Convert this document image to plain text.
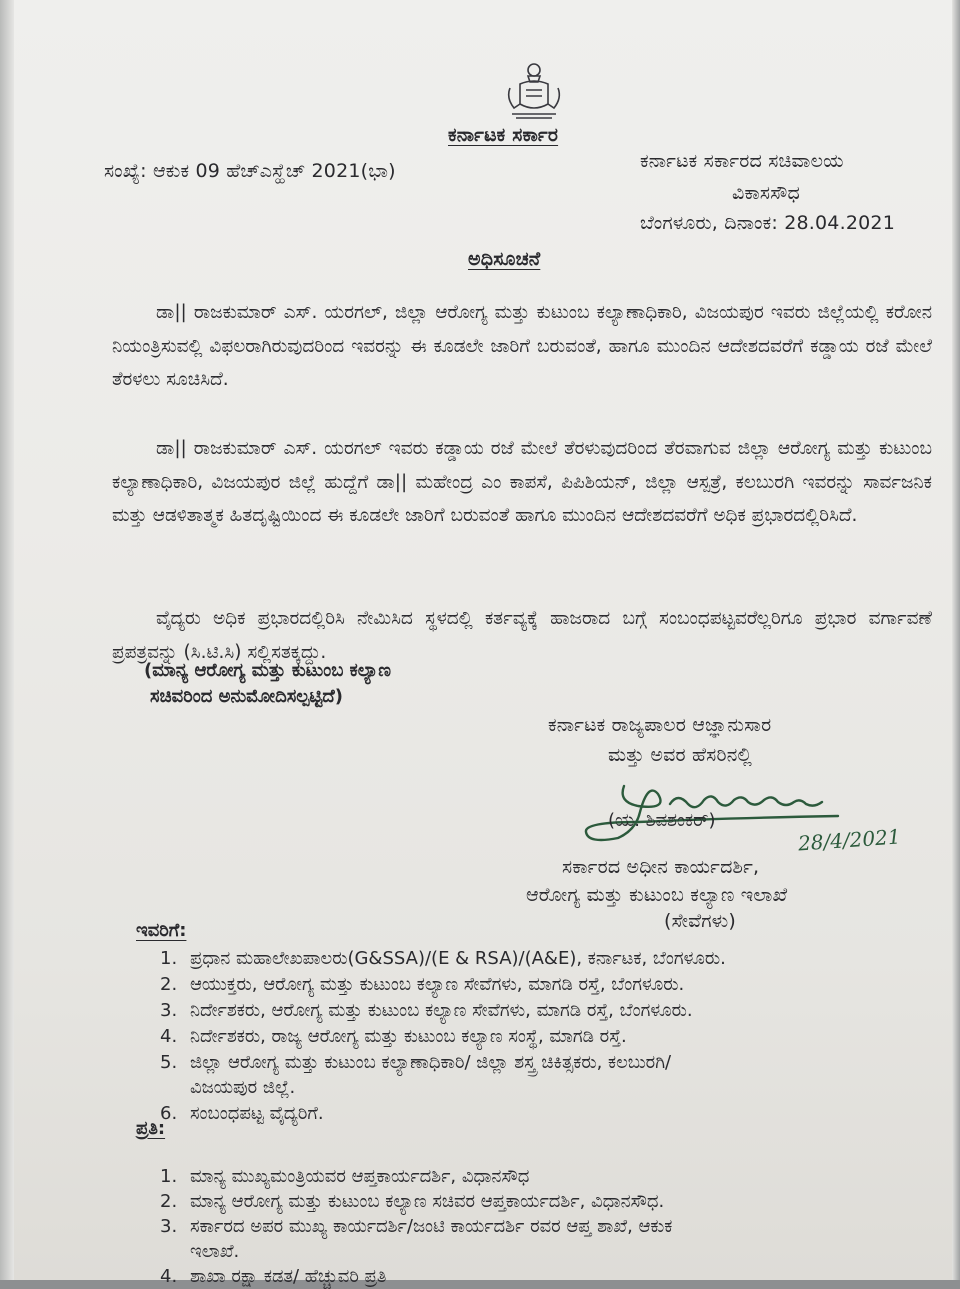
ಕರ್ನಾಟಕ ಸರ್ಕಾರ
ಸಂಖ್ಯೆ: ಆಕುಕ 09 ಹೆಚ್ಎಸ್ಹೆಚ್ 2021(ಭಾ)	ಕರ್ನಾಟಕ ಸರ್ಕಾರದ ಸಚಿವಾಲಯ
ವಿಕಾಸಸೌಧ
ಬೆಂಗಳೂರು, ದಿನಾಂಕ: 28.04.2021
ಅಧಿಸೂಚನೆ
ಡಾ|| ರಾಜಕುಮಾರ್ ಎಸ್. ಯರಗಲ್, ಜಿಲ್ಲಾ ಆರೋಗ್ಯ ಮತ್ತು ಕುಟುಂಬ ಕಲ್ಯಾಣಾಧಿಕಾರಿ, ವಿಜಯಪುರ ಇವರು ಜಿಲ್ಲೆಯಲ್ಲಿ ಕರೋನ ನಿಯಂತ್ರಿಸುವಲ್ಲಿ ವಿಫಲರಾಗಿರುವುದರಿಂದ ಇವರನ್ನು ಈ ಕೂಡಲೇ ಜಾರಿಗೆ ಬರುವಂತೆ, ಹಾಗೂ ಮುಂದಿನ ಆದೇಶದವರೆಗೆ ಕಡ್ಡಾಯ ರಜೆ ಮೇಲೆ ತೆರಳಲು ಸೂಚಿಸಿದೆ.
ಡಾ|| ರಾಜಕುಮಾರ್ ಎಸ್. ಯರಗಲ್ ಇವರು ಕಡ್ಡಾಯ ರಜೆ ಮೇಲೆ ತೆರಳುವುದರಿಂದ ತೆರವಾಗುವ ಜಿಲ್ಲಾ ಆರೋಗ್ಯ ಮತ್ತು ಕುಟುಂಬ ಕಲ್ಯಾಣಾಧಿಕಾರಿ, ವಿಜಯಪುರ ಜಿಲ್ಲೆ ಹುದ್ದೆಗೆ ಡಾ|| ಮಹೇಂದ್ರ ಎಂ ಕಾಪಸೆ, ಪಿಪಿಶಿಯನ್, ಜಿಲ್ಲಾ ಆಸ್ಪತ್ರೆ, ಕಲಬುರಗಿ ಇವರನ್ನು ಸಾರ್ವಜನಿಕ ಮತ್ತು ಆಡಳಿತಾತ್ಮಕ ಹಿತದೃಷ್ಟಿಯಿಂದ ಈ ಕೂಡಲೇ ಜಾರಿಗೆ ಬರುವಂತೆ ಹಾಗೂ ಮುಂದಿನ ಆದೇಶದವರೆಗೆ ಅಧಿಕ ಪ್ರಭಾರದಲ್ಲಿರಿಸಿದೆ.
ವೈದ್ಯರು ಅಧಿಕ ಪ್ರಭಾರದಲ್ಲಿರಿಸಿ ನೇಮಿಸಿದ ಸ್ಥಳದಲ್ಲಿ ಕರ್ತವ್ಯಕ್ಕೆ ಹಾಜರಾದ ಬಗ್ಗೆ ಸಂಬಂಧಪಟ್ಟವರೆಲ್ಲರಿಗೂ ಪ್ರಭಾರ ವರ್ಗಾವಣೆ ಪ್ರಪತ್ರವನ್ನು (ಸಿ.ಟಿ.ಸಿ) ಸಲ್ಲಿಸತಕ್ಕದ್ದು.
(ಮಾನ್ಯ ಆರೋಗ್ಯ ಮತ್ತು ಕುಟುಂಬ ಕಲ್ಯಾಣ
ಸಚಿವರಿಂದ ಅನುಮೋದಿಸಲ್ಪಟ್ಟಿದೆ)
ಕರ್ನಾಟಕ ರಾಜ್ಯಪಾಲರ ಆಜ್ಞಾನುಸಾರ
ಮತ್ತು ಅವರ ಹೆಸರಿನಲ್ಲಿ
(ಯ. ಶಿವಶಂಕರ್)
28/4/2021
ಸರ್ಕಾರದ ಅಧೀನ ಕಾರ್ಯದರ್ಶಿ,
ಆರೋಗ್ಯ ಮತ್ತು ಕುಟುಂಬ ಕಲ್ಯಾಣ ಇಲಾಖೆ
(ಸೇವೆಗಳು)
ಇವರಿಗೆ:
1. ಪ್ರಧಾನ ಮಹಾಲೇಖಪಾಲರು(G&SSA)/(E & RSA)/(A&E), ಕರ್ನಾಟಕ, ಬೆಂಗಳೂರು.
2. ಆಯುಕ್ತರು, ಆರೋಗ್ಯ ಮತ್ತು ಕುಟುಂಬ ಕಲ್ಯಾಣ ಸೇವೆಗಳು, ಮಾಗಡಿ ರಸ್ತೆ, ಬೆಂಗಳೂರು.
3. ನಿರ್ದೇಶಕರು, ಆರೋಗ್ಯ ಮತ್ತು ಕುಟುಂಬ ಕಲ್ಯಾಣ ಸೇವೆಗಳು, ಮಾಗಡಿ ರಸ್ತೆ, ಬೆಂಗಳೂರು.
4. ನಿರ್ದೇಶಕರು, ರಾಜ್ಯ ಆರೋಗ್ಯ ಮತ್ತು ಕುಟುಂಬ ಕಲ್ಯಾಣ ಸಂಸ್ಥೆ, ಮಾಗಡಿ ರಸ್ತೆ.
5. ಜಿಲ್ಲಾ ಆರೋಗ್ಯ ಮತ್ತು ಕುಟುಂಬ ಕಲ್ಯಾಣಾಧಿಕಾರಿ/ ಜಿಲ್ಲಾ ಶಸ್ತ್ರ ಚಿಕಿತ್ಸಕರು, ಕಲಬುರಗಿ/
ವಿಜಯಪುರ ಜಿಲ್ಲೆ.
6. ಸಂಬಂಧಪಟ್ಟ ವೈದ್ಯರಿಗೆ.
ಪ್ರತಿ:
1. ಮಾನ್ಯ ಮುಖ್ಯಮಂತ್ರಿಯವರ ಆಪ್ತಕಾರ್ಯದರ್ಶಿ, ವಿಧಾನಸೌಧ
2. ಮಾನ್ಯ ಆರೋಗ್ಯ ಮತ್ತು ಕುಟುಂಬ ಕಲ್ಯಾಣ ಸಚಿವರ ಆಪ್ತಕಾರ್ಯದರ್ಶಿ, ವಿಧಾನಸೌಧ.
3. ಸರ್ಕಾರದ ಅಪರ ಮುಖ್ಯ ಕಾರ್ಯದರ್ಶಿ/ಜಂಟಿ ಕಾರ್ಯದರ್ಶಿ ರವರ ಆಪ್ತ ಶಾಖೆ, ಆಕುಕ
ಇಲಾಖೆ.
4. ಶಾಖಾ ರಕ್ಷಾ ಕಡತ/ ಹೆಚ್ಚುವರಿ ಪ್ರತಿ
